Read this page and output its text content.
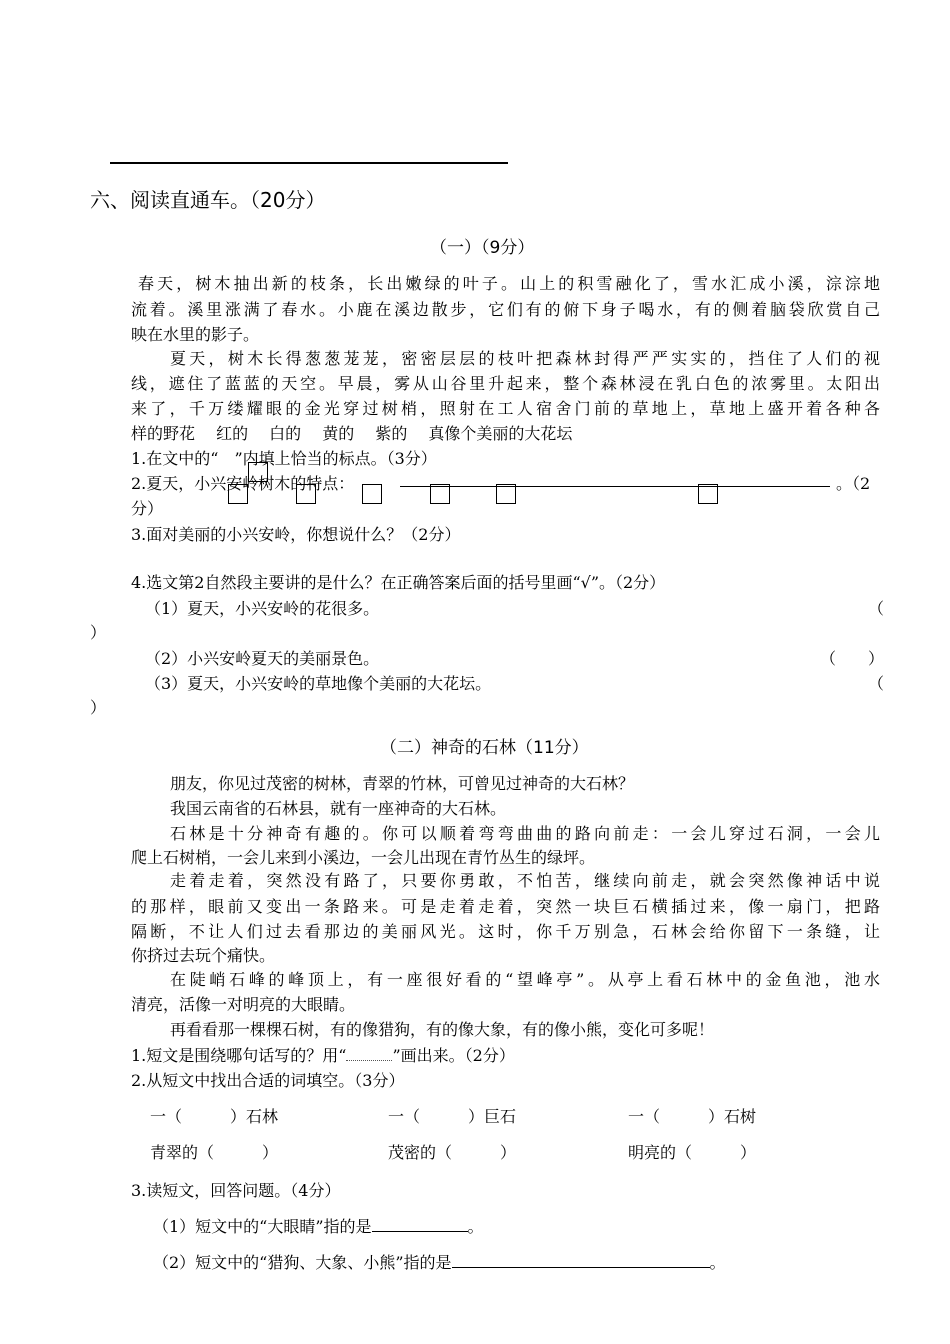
六、阅读直通车。（20分）
（一）（9分）
春天，树木抽出新的枝条，长出嫩绿的叶子。山上的积雪融化了，雪水汇成小溪，淙淙地
流着。溪里涨满了春水。小鹿在溪边散步，它们有的俯下身子喝水，有的侧着脑袋欣赏自己
映在水里的影子。
夏天，树木长得葱葱茏茏，密密层层的枝叶把森林封得严严实实的，挡住了人们的视
线，遮住了蓝蓝的天空。早晨，雾从山谷里升起来，整个森林浸在乳白色的浓雾里。太阳出
来了，千万缕耀眼的金光穿过树梢，照射在工人宿舍门前的草地上，草地上盛开着各种各
样的野花　 红的　 白的　 黄的　 紫的　 真像个美丽的大花坛
1.在文中的“　”内填上恰当的标点。（3分）
2.夏天，小兴安岭树木的特点：	。（2
分）
3.面对美丽的小兴安岭，你想说什么？（2分）
4.选文第2自然段主要讲的是什么？在正确答案后面的括号里画“√”。（2分）
（1）夏天，小兴安岭的花很多。	（
）
（2）小兴安岭夏天的美丽景色。	（　　）
（3）夏天，小兴安岭的草地像个美丽的大花坛。	（
）
（二）神奇的石林（11分）
朋友，你见过茂密的树林，青翠的竹林，可曾见过神奇的大石林？
我国云南省的石林县，就有一座神奇的大石林。
石林是十分神奇有趣的。你可以顺着弯弯曲曲的路向前走：一会儿穿过石洞，一会儿
爬上石树梢，一会儿来到小溪边，一会儿出现在青竹丛生的绿坪。
走着走着，突然没有路了，只要你勇敢，不怕苦，继续向前走，就会突然像神话中说
的那样，眼前又变出一条路来。可是走着走着，突然一块巨石横插过来，像一扇门，把路
隔断，不让人们过去看那边的美丽风光。这时，你千万别急，石林会给你留下一条缝，让
你挤过去玩个痛快。
在陡峭石峰的峰顶上，有一座很好看的“望峰亭”。从亭上看石林中的金鱼池，池水
清亮，活像一对明亮的大眼睛。
再看看那一棵棵石树，有的像猎狗，有的像大象，有的像小熊，变化可多呢！
1.短文是围绕哪句话写的？用“	”画出来。（2分）
2.从短文中找出合适的词填空。（3分）
一（　　　）石林	一（　　　）巨石	一（　　　）石树
青翠的（　　　）	茂密的（　　　）	明亮的（　　　）
3.读短文，回答问题。（4分）
（1）短文中的“大眼睛”指的是	。
（2）短文中的“猎狗、大象、小熊”指的是	。
